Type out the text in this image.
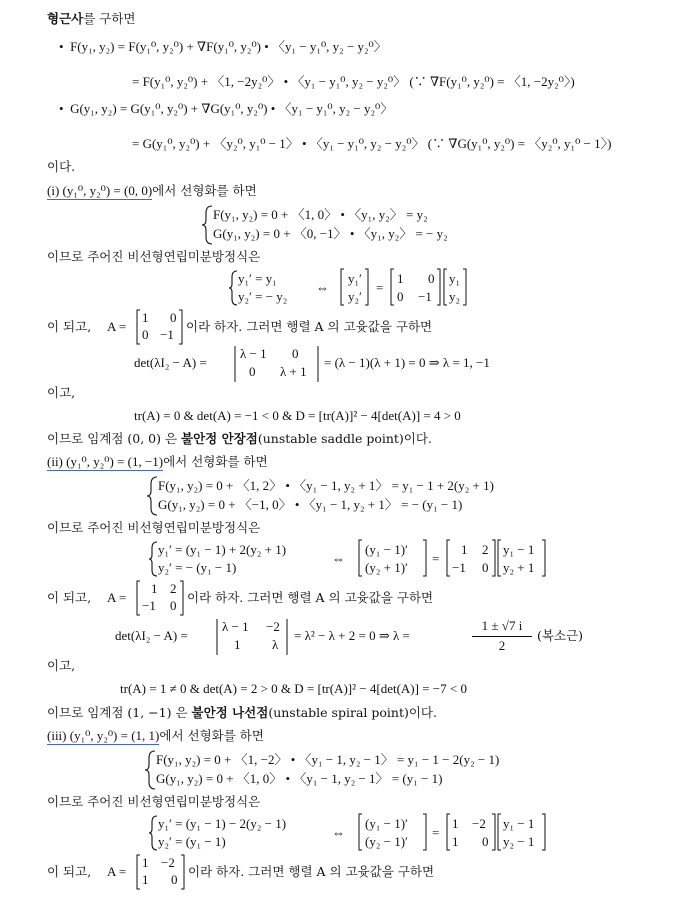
형근사를 구하면
•  F(y₁, y₂) = F(y₁⁰, y₂⁰) + ∇F(y₁⁰, y₂⁰) • 〈y₁ − y₁⁰, y₂ − y₂⁰〉
= F(y₁⁰, y₂⁰) + 〈1, −2y₂⁰〉 • 〈y₁ − y₁⁰, y₂ − y₂⁰〉 (∵ ∇F(y₁⁰, y₂⁰) = 〈1, −2y₂⁰〉)
•  G(y₁, y₂) = G(y₁⁰, y₂⁰) + ∇G(y₁⁰, y₂⁰) • 〈y₁ − y₁⁰, y₂ − y₂⁰〉
= G(y₁⁰, y₂⁰) + 〈y₂⁰, y₁⁰ − 1〉 • 〈y₁ − y₁⁰, y₂ − y₂⁰〉 (∵ ∇G(y₁⁰, y₂⁰) = 〈y₂⁰, y₁⁰ − 1〉)
이다.
(i) (y₁⁰, y₂⁰) = (0, 0)에서 선형화를 하면
F(y₁, y₂) = 0 + 〈1, 0〉 • 〈y₁, y₂〉 = y₂
G(y₁, y₂) = 0 + 〈0, −1〉 • 〈y₁, y₂〉 = − y₂
이므로 주어진 비선형연립미분방정식은
y₁′ = y₁
y₂′ = − y₂
⇔
y₁′
y₂′
=
1 0
0 −1
y₁
y₂
이 되고, A =
1 0
0 −1
이라 하자. 그러면 행렬 A 의 고윳값을 구하면
det(λI₂ − A) =
λ − 1 0
0 λ + 1
= (λ − 1)(λ + 1) = 0 ⇒ λ = 1, −1
이고,
tr(A) = 0 & det(A) = −1 < 0 & D = [tr(A)]² − 4[det(A)] = 4 > 0
이므로 임계점 (0, 0) 은 불안정 안장점(unstable saddle point)이다.
(ii) (y₁⁰, y₂⁰) = (1, −1)에서 선형화를 하면
F(y₁, y₂) = 0 + 〈1, 2〉 • 〈y₁ − 1, y₂ + 1〉 = y₁ − 1 + 2(y₂ + 1)
G(y₁, y₂) = 0 + 〈−1, 0〉 • 〈y₁ − 1, y₂ + 1〉 = − (y₁ − 1)
이므로 주어진 비선형연립미분방정식은
y₁′ = (y₁ − 1) + 2(y₂ + 1)
y₂′ = − (y₁ − 1)
⇔
(y₁ − 1)′
(y₂ + 1)′
=
1 2
−1 0
y₁ − 1
y₂ + 1
이 되고, A =
1 2
−1 0
이라 하자. 그러면 행렬 A 의 고윳값을 구하면
det(λI₂ − A) =
λ − 1 −2
1 λ
= λ² − λ + 2 = 0 ⇒ λ =
1 ± √7 i
2
(복소근)
이고,
tr(A) = 1 ≠ 0 & det(A) = 2 > 0 & D = [tr(A)]² − 4[det(A)] = −7 < 0
이므로 임계점 (1, −1) 은 불안정 나선점(unstable spiral point)이다.
(iii) (y₁⁰, y₂⁰) = (1, 1)에서 선형화를 하면
F(y₁, y₂) = 0 + 〈1, −2〉 • 〈y₁ − 1, y₂ − 1〉 = y₁ − 1 − 2(y₂ − 1)
G(y₁, y₂) = 0 + 〈1, 0〉 • 〈y₁ − 1, y₂ − 1〉 = (y₁ − 1)
이므로 주어진 비선형연립미분방정식은
y₁′ = (y₁ − 1) − 2(y₂ − 1)
y₂′ = (y₁ − 1)
⇔
(y₁ − 1)′
(y₂ − 1)′
=
1 −2
1 0
y₁ − 1
y₂ − 1
이 되고, A =
1 −2
1 0
이라 하자. 그러면 행렬 A 의 고윳값을 구하면
